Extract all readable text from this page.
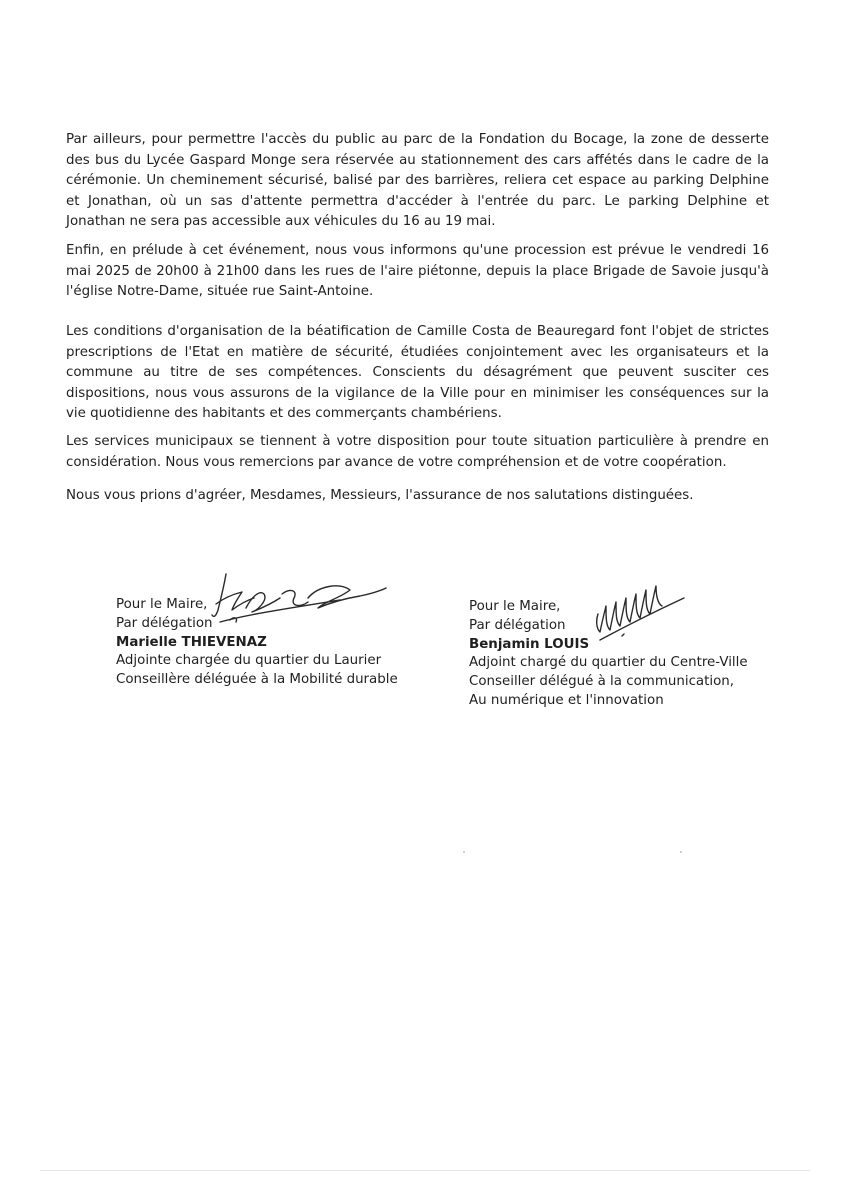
Par ailleurs, pour permettre l'accès du public au parc de la Fondation du Bocage, la zone de desserte des bus du Lycée Gaspard Monge sera réservée au stationnement des cars affétés dans le cadre de la cérémonie. Un cheminement sécurisé, balisé par des barrières, reliera cet espace au parking Delphine et Jonathan, où un sas d'attente permettra d'accéder à l'entrée du parc. Le parking Delphine et Jonathan ne sera pas accessible aux véhicules du 16 au 19 mai.

Enfin, en prélude à cet événement, nous vous informons qu'une procession est prévue le vendredi 16 mai 2025 de 20h00 à 21h00 dans les rues de l'aire piétonne, depuis la place Brigade de Savoie jusqu'à l'église Notre-Dame, située rue Saint-Antoine.

Les conditions d'organisation de la béatification de Camille Costa de Beauregard font l'objet de strictes prescriptions de l'Etat en matière de sécurité, étudiées conjointement avec les organisateurs et la commune au titre de ses compétences. Conscients du désagrément que peuvent susciter ces dispositions, nous vous assurons de la vigilance de la Ville pour en minimiser les conséquences sur la vie quotidienne des habitants et des commerçants chambériens.

Les services municipaux se tiennent à votre disposition pour toute situation particulière à prendre en considération. Nous vous remercions par avance de votre compréhension et de votre coopération.

Nous vous prions d'agréer, Mesdames, Messieurs, l'assurance de nos salutations distinguées.

Pour le Maire,
Par délégation
Marielle THIEVENAZ
Adjointe chargée du quartier du Laurier
Conseillère déléguée à la Mobilité durable
Pour le Maire,
Par délégation
Benjamin LOUIS
Adjoint chargé du quartier du Centre-Ville
Conseiller délégué à la communication,
Au numérique et l'innovation
